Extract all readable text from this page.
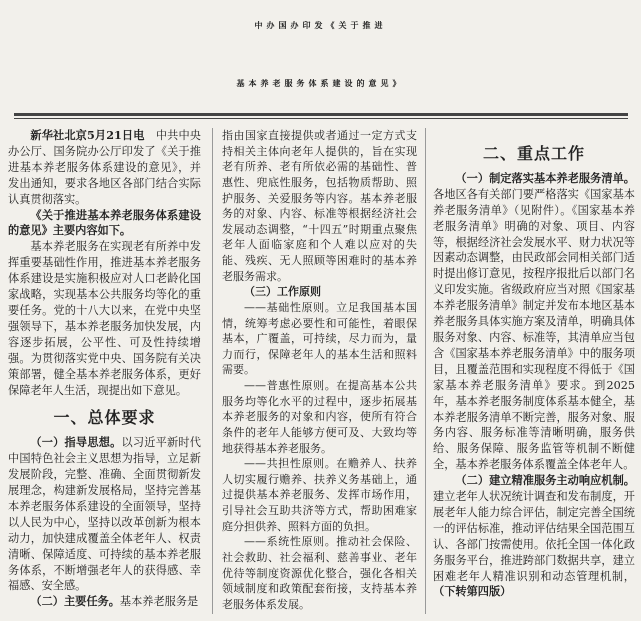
中办国办印发《关于推进
基本养老服务体系建设的意见》

新华社北京5月21日电　 中共中央办公厅、国务院办公厅印发了《关于推进基本养老服务体系建设的意见》，并发出通知，要求各地区各部门结合实际认真贯彻落实。

《关于推进基本养老服务体系建设的意见》主要内容如下。

基本养老服务在实现老有所养中发挥重要基础性作用，推进基本养老服务体系建设是实施积极应对人口老龄化国家战略，实现基本公共服务均等化的重要任务。党的十八大以来，在党中央坚强领导下，基本养老服务加快发展，内容逐步拓展，公平性、可及性持续增强。为贯彻落实党中央、国务院有关决策部署，健全基本养老服务体系，更好保障老年人生活，现提出如下意见。

一、总体要求

（一）指导思想。以习近平新时代中国特色社会主义思想为指导，立足新发展阶段，完整、准确、全面贯彻新发展理念，构建新发展格局，坚持完善基本养老服务体系建设的全面领导，坚持以人民为中心，坚持以改革创新为根本动力，加快建成覆盖全体老年人、权责清晰、保障适度、可持续的基本养老服务体系，不断增强老年人的获得感、幸福感、安全感。

（二）主要任务。基本养老服务是

指由国家直接提供或者通过一定方式支持相关主体向老年人提供的，旨在实现老有所养、老有所依必需的基础性、普惠性、兜底性服务，包括物质帮助、照护服务、关爱服务等内容。基本养老服务的对象、内容、标准等根据经济社会发展动态调整，“十四五”时期重点聚焦老年人面临家庭和个人难以应对的失能、残疾、无人照顾等困难时的基本养老服务需求。

（三）工作原则

——基础性原则。立足我国基本国情，统筹考虑必要性和可能性，着眼保基本，广覆盖，可持续，尽力而为，量力而行，保障老年人的基本生活和照料需要。

——普惠性原则。在提高基本公共服务均等化水平的过程中，逐步拓展基本养老服务的对象和内容，使所有符合条件的老年人能够方便可及、大致均等地获得基本养老服务。

——共担性原则。在赡养人、扶养人切实履行赡养、扶养义务基础上，通过提供基本养老服务、发挥市场作用，引导社会互助共济等方式，帮助困难家庭分担供养、照料方面的负担。

——系统性原则。推动社会保险、社会救助、社会福利、慈善事业、老年优待等制度资源优化整合，强化各相关领域制度和政策配套衔接，支持基本养老服务体系发展。

二、重点工作

（一）制定落实基本养老服务清单。各地区各有关部门要严格落实《国家基本养老服务清单》（见附件）。《国家基本养老服务清单》明确的对象、项目、内容等，根据经济社会发展水平、财力状况等因素动态调整，由民政部会同相关部门适时提出修订意见，按程序报批后以部门名义印发实施。省级政府应当对照《国家基本养老服务清单》制定并发布本地区基本养老服务具体实施方案及清单，明确具体服务对象、内容、标准等，其清单应当包含《国家基本养老服务清单》中的服务项目，且覆盖范围和实现程度不得低于《国家基本养老服务清单》要求。到2025年，基本养老服务制度体系基本健全，基本养老服务清单不断完善，服务对象、服务内容、服务标准等清晰明确，服务供给、服务保障、服务监管等机制不断健全，基本养老服务体系覆盖全体老年人。

（二）建立精准服务主动响应机制。建立老年人状况统计调查和发布制度，开展老年人能力综合评估，制定完善全国统一的评估标准，推动评估结果全国范围互认、各部门按需使用。依托全国一体化政务服务平台，推进跨部门数据共享，建立困难老年人精准识别和动态管理机制，（下转第四版）
